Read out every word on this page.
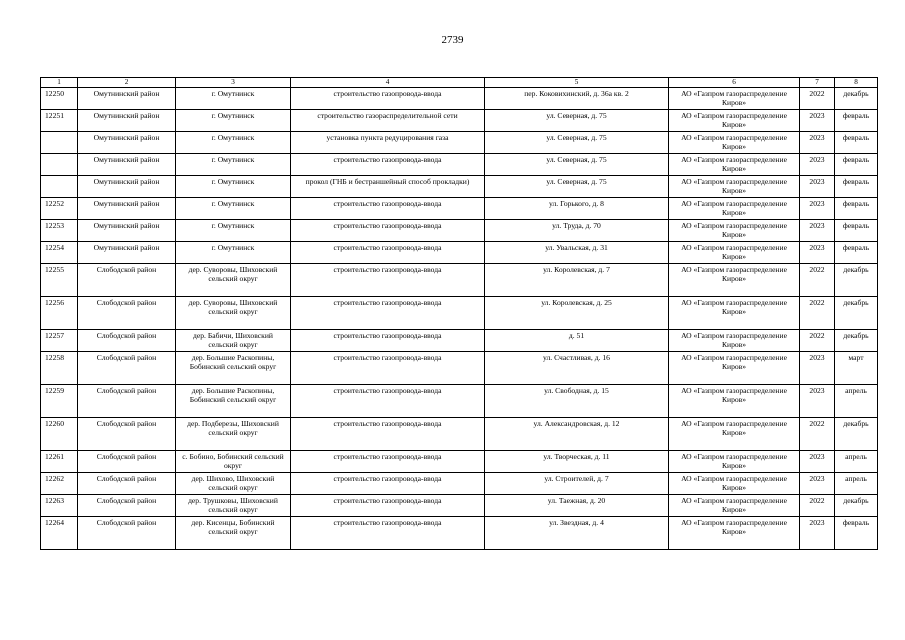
2739
1	2	3	4	5	6	7	8
12250	Омутнинский район	г. Омутнинск	строительство газопровода-ввода	пер. Коковихинский, д. 36а кв. 2	АО «Газпром газораспределение Киров»	2022	декабрь
12251	Омутнинский район	г. Омутнинск	строительство газораспределительной сети	ул. Северная, д. 75	АО «Газпром газораспределение Киров»	2023	февраль
	Омутнинский район	г. Омутнинск	установка пункта редуцирования газа	ул. Северная, д. 75	АО «Газпром газораспределение Киров»	2023	февраль
	Омутнинский район	г. Омутнинск	строительство газопровода-ввода	ул. Северная, д. 75	АО «Газпром газораспределение Киров»	2023	февраль
	Омутнинский район	г. Омутнинск	прокол (ГНБ и бестраншейный способ прокладки)	ул. Северная, д. 75	АО «Газпром газораспределение Киров»	2023	февраль
12252	Омутнинский район	г. Омутнинск	строительство газопровода-ввода	ул. Горького, д. 8	АО «Газпром газораспределение Киров»	2023	февраль
12253	Омутнинский район	г. Омутнинск	строительство газопровода-ввода	ул. Труда, д. 70	АО «Газпром газораспределение Киров»	2023	февраль
12254	Омутнинский район	г. Омутнинск	строительство газопровода-ввода	ул. Увальская, д. 31	АО «Газпром газораспределение Киров»	2023	февраль
12255	Слободской район	дер. Суворовы, Шиховский сельский округ	строительство газопровода-ввода	ул. Королевская, д. 7	АО «Газпром газораспределение Киров»	2022	декабрь
12256	Слободской район	дер. Суворовы, Шиховский сельский округ	строительство газопровода-ввода	ул. Королевская, д. 25	АО «Газпром газораспределение Киров»	2022	декабрь
12257	Слободской район	дер. Бабичи, Шиховский сельский округ	строительство газопровода-ввода	д. 51	АО «Газпром газораспределение Киров»	2022	декабрь
12258	Слободской район	дер. Большие Раскопины, Бобинский сельский округ	строительство газопровода-ввода	ул. Счастливая, д. 16	АО «Газпром газораспределение Киров»	2023	март
12259	Слободской район	дер. Большие Раскопины, Бобинский сельский округ	строительство газопровода-ввода	ул. Свободная, д. 15	АО «Газпром газораспределение Киров»	2023	апрель
12260	Слободской район	дер. Подберезы, Шиховский сельский округ	строительство газопровода-ввода	ул. Александровская, д. 12	АО «Газпром газораспределение Киров»	2022	декабрь
12261	Слободской район	с. Бобино, Бобинский сельский округ	строительство газопровода-ввода	ул. Творческая, д. 11	АО «Газпром газораспределение Киров»	2023	апрель
12262	Слободской район	дер. Шихово, Шиховский сельский округ	строительство газопровода-ввода	ул. Строителей, д. 7	АО «Газпром газораспределение Киров»	2023	апрель
12263	Слободской район	дер. Трушковы, Шиховский сельский округ	строительство газопровода-ввода	ул. Таежная, д. 20	АО «Газпром газораспределение Киров»	2022	декабрь
12264	Слободской район	дер. Кисенцы, Бобинский сельский округ	строительство газопровода-ввода	ул. Звездная, д. 4	АО «Газпром газораспределение Киров»	2023	февраль
